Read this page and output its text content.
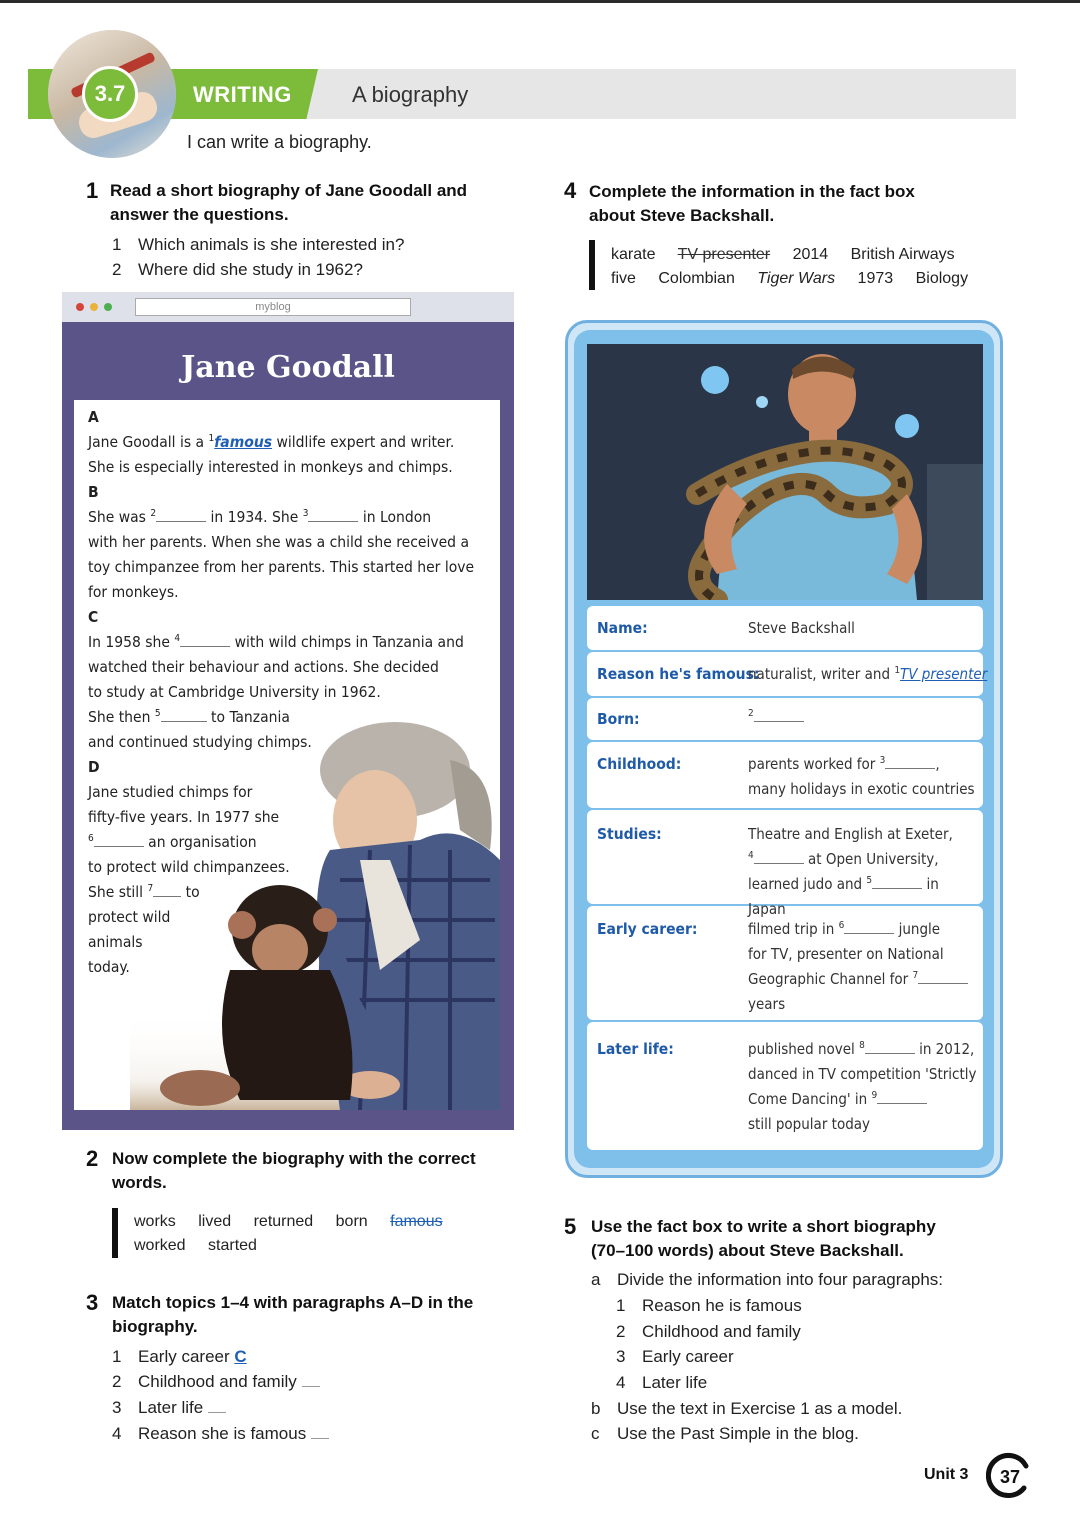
3.7	WRITING	A biography
I can write a biography.
1 Read a short biography of Jane Goodall and
answer the questions.
1 Which animals is she interested in?
2 Where did she study in 1962?
myblog
Jane Goodall
A
Jane Goodall is a $^1$famous wildlife expert and writer.
She is especially interested in monkeys and chimps.
B
She was $^2$	in 1934. She $^3$	in London
with her parents. When she was a child she received a
toy chimpanzee from her parents. This started her love
for monkeys.
C
In 1958 she $^4$	with wild chimps in Tanzania and
watched their behaviour and actions. She decided
to study at Cambridge University in 1962.
She then $^5$	to Tanzania
and continued studying chimps.
D
Jane studied chimps for
fifty-five years. In 1977 she
$^6$	an organisation
to protect wild chimpanzees.
She still $^7$ to
protect wild
animals
today.
2 Now complete the biography with the correct
words.
works lived returned born famous
worked started
3 Match topics 1–4 with paragraphs A–D in the
biography.
1 Early career C
2 Childhood and family
3 Later life
4 Reason she is famous
4 Complete the information in the fact box
about Steve Backshall.
karate TV presenter 2014 British Airways
five Colombian Tiger Wars 1973 Biology
Name:	Steve Backshall
Reason he's famous:
naturalist, writer and $^1$TV presenter
Born:	$^2$
Childhood:	parents worked for $^3$	,
many holidays in exotic countries
Studies:	Theatre and English at Exeter,
$^4$	at Open University,
learned judo and $^5$	in Japan
Early career:	filmed trip in $^6$	jungle
for TV, presenter on National
Geographic Channel for $^7$
years
Later life:	published novel $^8$	in 2012,
danced in TV competition 'Strictly
Come Dancing' in $^9$
still popular today
5 Use the fact box to write a short biography
(70–100 words) about Steve Backshall.
a Divide the information into four paragraphs:
1 Reason he is famous
2 Childhood and family
3 Early career
4 Later life
b Use the text in Exercise 1 as a model.
c Use the Past Simple in the blog.
Unit 3 37
